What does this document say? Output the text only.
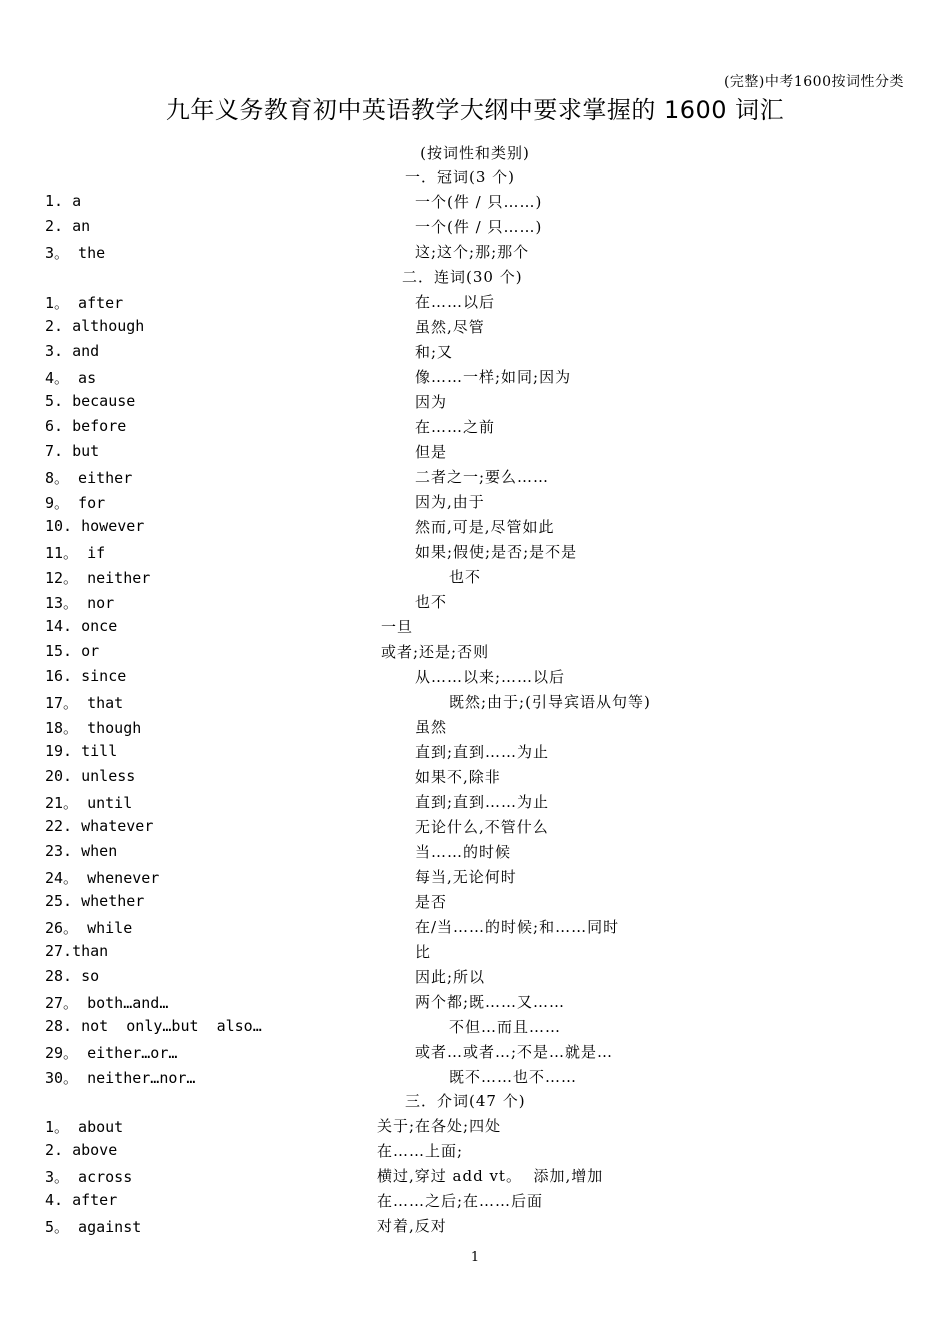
(完整)中考1600按词性分类
九年义务教育初中英语教学大纲中要求掌握的 1600 词汇
(按词性和类别)
一．冠词(3 个)
1. a	一个(件 / 只……)
2. an	一个(件 / 只……)
3。 the	这;这个;那;那个
二．连词(30 个)
1。 after	在……以后
2. although	虽然,尽管
3. and	和;又
4。 as	像……一样;如同;因为
5. because	因为
6. before	在……之前
7. but	但是
8。 either	二者之一;要么……
9。 for	因为,由于
10. however	然而,可是,尽管如此
11。 if	如果;假使;是否;是不是
12。 neither	也不
13。 nor	也不
14. once	一旦
15. or	或者;还是;否则
16. since	从……以来;……以后
17。 that	既然;由于;(引导宾语从句等)
18。 though	虽然
19. till	直到;直到……为止
20. unless	如果不,除非
21。 until	直到;直到……为止
22. whatever	无论什么,不管什么
23. when	当……的时候
24。 whenever	每当,无论何时
25. whether	是否
26。 while	在/当……的时候;和……同时
27.than	比
28. so	因此;所以
27。 both…and…	两个都;既……又……
28. not  only…but  also…	不但…而且……
29。 either…or…	或者…或者…;不是…就是…
30。 neither…nor…	既不……也不……
三．介词(47 个)
1。 about	关于;在各处;四处
2. above	在……上面;
3。 across	横过,穿过 add vt。  添加,增加
4. after	在……之后;在……后面
5。 against	对着,反对
1
